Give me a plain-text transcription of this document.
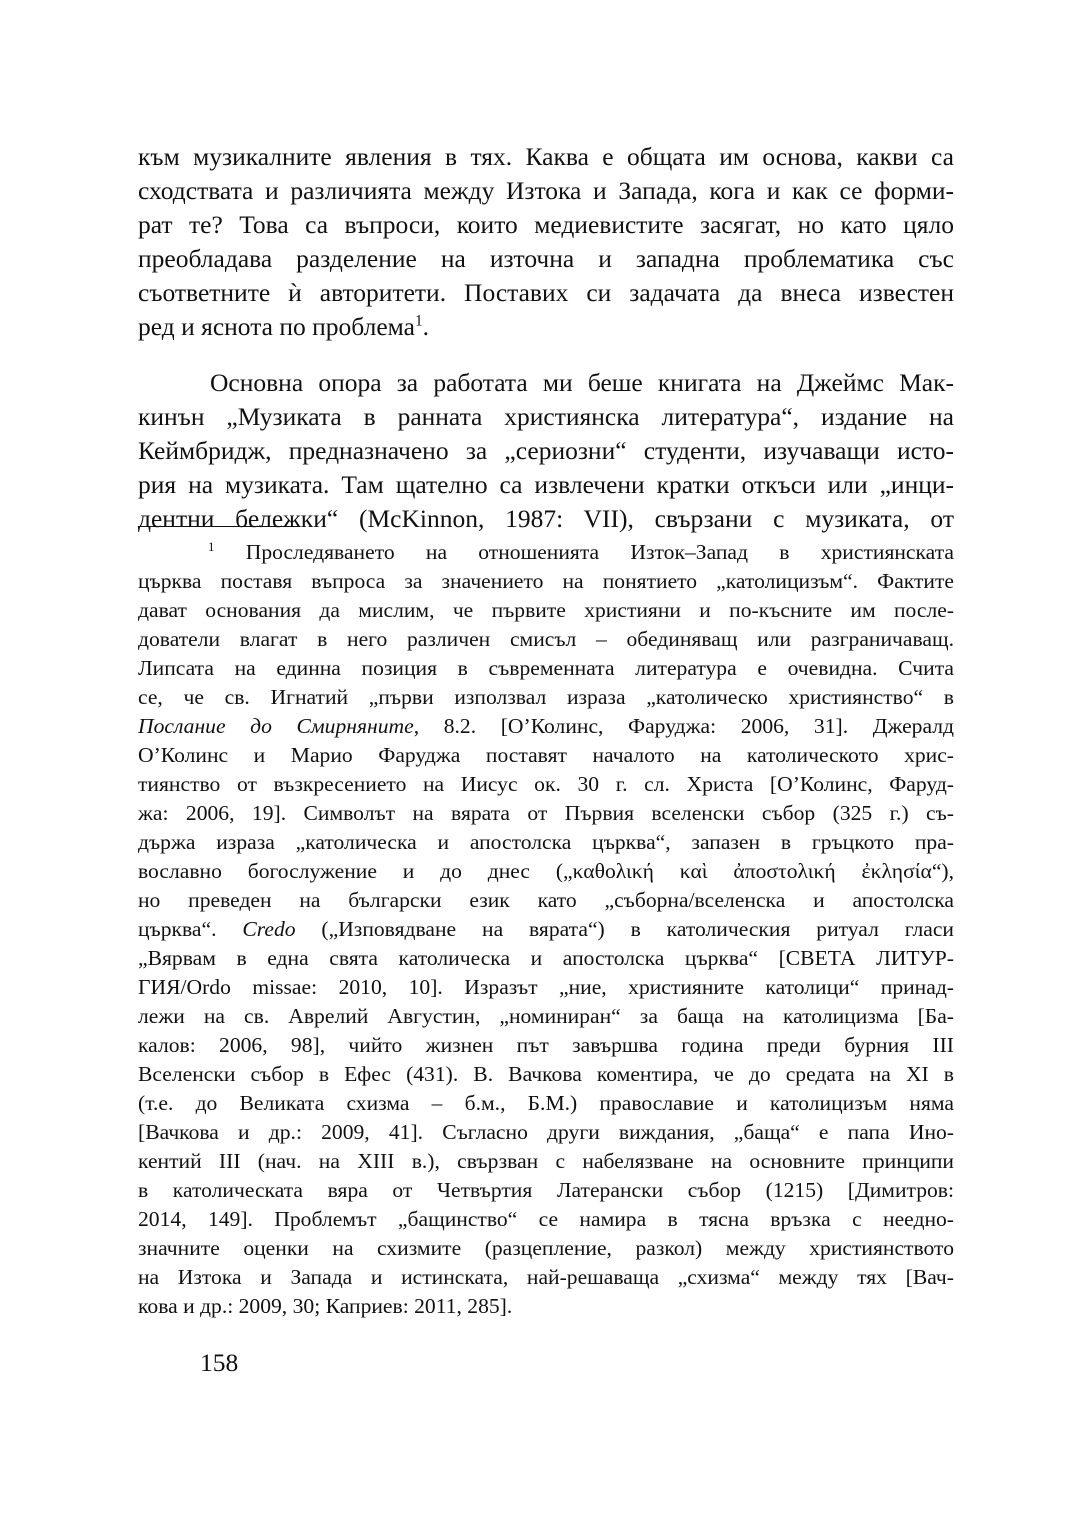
към музикалните явления в тях. Каква е общата им основа, какви са
сходствата и различията между Изтока и Запада, кога и как се форми-
рат те? Това са въпроси, които медиевистите засягат, но като цяло
преобладава разделение на източна и западна проблематика със
съответните ѝ авторитети. Поставих си задачата да внеса известен
ред и яснота по проблема$^1$.
Основна опора за работата ми беше книгата на Джеймс Мак-
кинън „Музиката в ранната християнска литература“, издание на
Кеймбридж, предназначено за „сериозни“ студенти, изучаващи исто-
рия на музиката. Там щателно са извлечени кратки откъси или „инци-
дентни бележки“ (McKinnon, 1987: VII), свързани с музиката, от
$^1$ Проследяването на отношенията Изток–Запад в християнската
църква поставя въпроса за значението на понятието „католицизъм“. Фактите
дават основания да мислим, че първите християни и по-късните им после-
дователи влагат в него различен смисъл – обединяващ или разграничаващ.
Липсата на единна позиция в съвременната литература е очевидна. Счита
се, че св. Игнатий „първи използвал израза „католическо християнство“ в
Послание до Смирняните, 8.2. [О’Колинс, Фаруджа: 2006, 31]. Джералд
О’Колинс и Марио Фаруджа поставят началото на католическото хрис-
тиянство от възкресението на Иисус ок. 30 г. сл. Христа [О’Колинс, Фаруд-
жа: 2006, 19]. Символът на вярата от Първия вселенски събор (325 г.) съ-
държа израза „католическа и апостолска църква“, запазен в гръцкото пра-
вославно богослужение и до днес („καθολική καὶ ἀποστολική ἐκλησία“),
но преведен на български език като „съборна/вселенска и апостолска
църква“. Credo („Изповядване на вярата“) в католическия ритуал гласи
„Вярвам в една свята католическа и апостолска църква“ [СВЕТА ЛИТУР-
ГИЯ/Ordo missae: 2010, 10]. Изразът „ние, християните католици“ принад-
лежи на св. Аврелий Августин, „номиниран“ за баща на католицизма [Ба-
калов: 2006, 98], чийто жизнен път завършва година преди бурния III
Вселенски събор в Ефес (431). В. Вачкова коментира, че до средата на XI в
(т.е. до Великата схизма – б.м., Б.М.) православие и католицизъм няма
[Вачкова и др.: 2009, 41]. Съгласно други виждания, „баща“ е папа Ино-
кентий III (нач. на XIII в.), свързван с набелязване на основните принципи
в католическата вяра от Четвъртия Латерански събор (1215) [Димитров:
2014, 149]. Проблемът „бащинство“ се намира в тясна връзка с нееднo-
значните оценки на схизмите (разцепление, разкол) между християнството
на Изтока и Запада и истинската, най-решаваща „схизма“ между тях [Вач-
кова и др.: 2009, 30; Каприев: 2011, 285].
158
